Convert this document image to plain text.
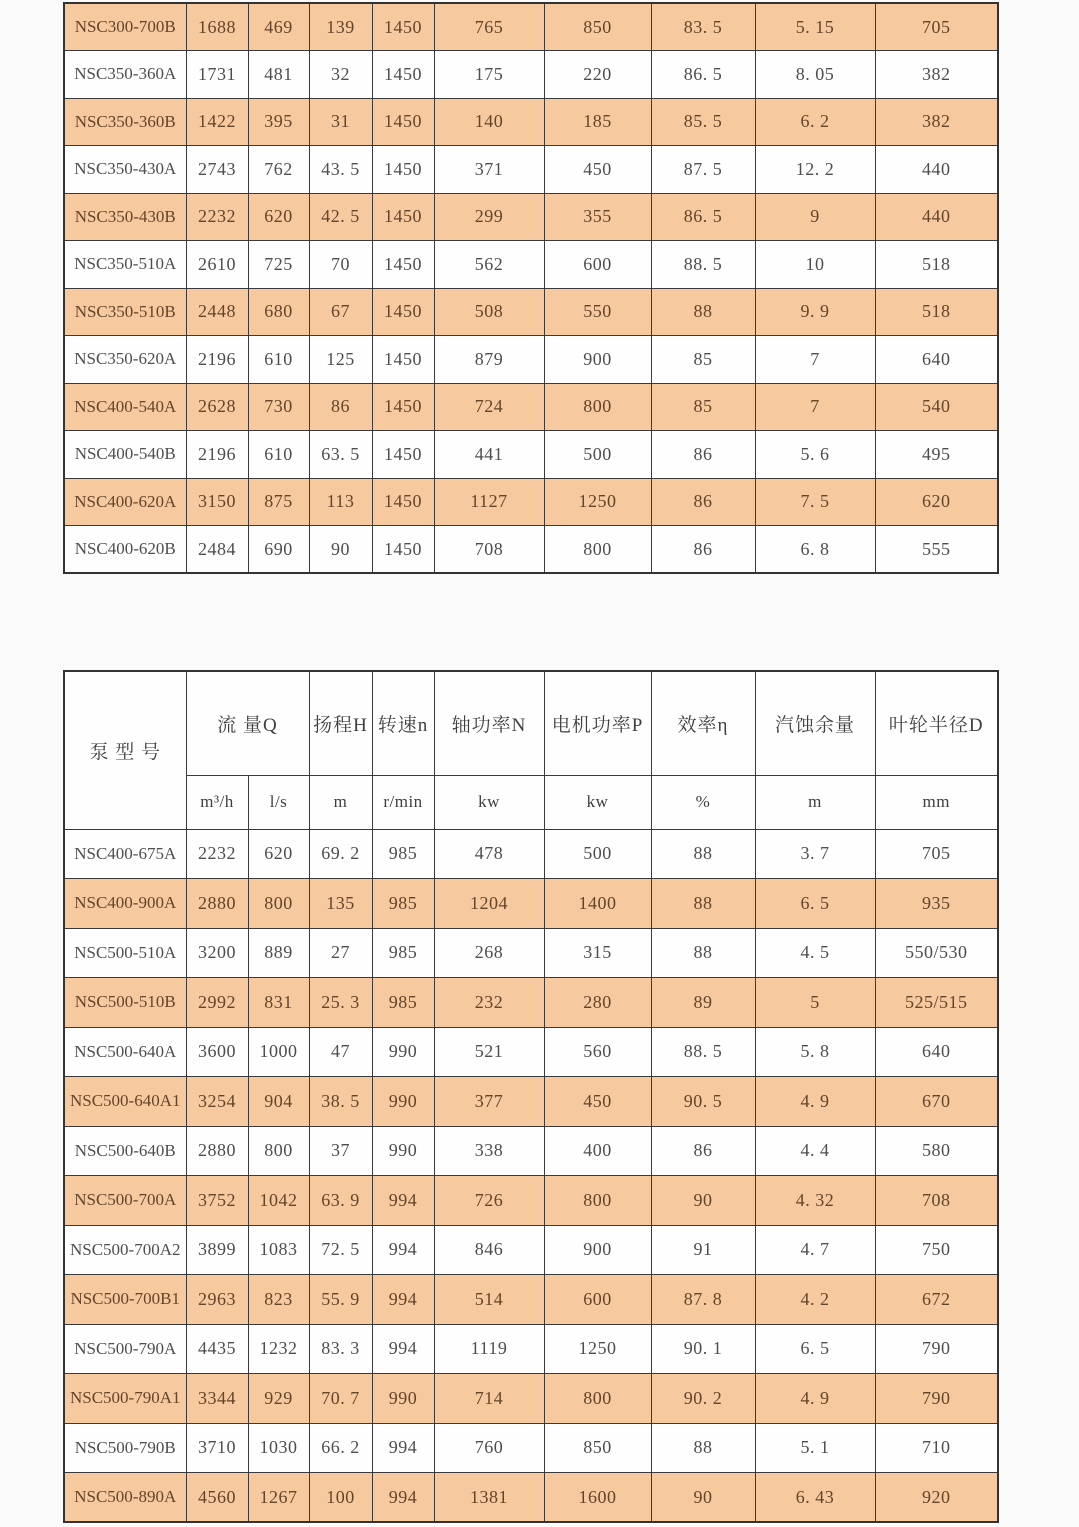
NSC300-700B	1688	469	139	1450	765	850	83. 5	5. 15	705
NSC350-360A	1731	481	32	1450	175	220	86. 5	8. 05	382
NSC350-360B	1422	395	31	1450	140	185	85. 5	6. 2	382
NSC350-430A	2743	762	43. 5	1450	371	450	87. 5	12. 2	440
NSC350-430B	2232	620	42. 5	1450	299	355	86. 5	9	440
NSC350-510A	2610	725	70	1450	562	600	88. 5	10	518
NSC350-510B	2448	680	67	1450	508	550	88	9. 9	518
NSC350-620A	2196	610	125	1450	879	900	85	7	640
NSC400-540A	2628	730	86	1450	724	800	85	7	540
NSC400-540B	2196	610	63. 5	1450	441	500	86	5. 6	495
NSC400-620A	3150	875	113	1450	1127	1250	86	7. 5	620
NSC400-620B	2484	690	90	1450	708	800	86	6. 8	555
泵 型 号	流 量Q		扬程H	转速n	轴功率N	电机功率P	效率η	汽蚀余量	叶轮半径D
	m³/h	l/s	m	r/min	kw	kw	%	m	mm
NSC400-675A	2232	620	69. 2	985	478	500	88	3. 7	705
NSC400-900A	2880	800	135	985	1204	1400	88	6. 5	935
NSC500-510A	3200	889	27	985	268	315	88	4. 5	550/530
NSC500-510B	2992	831	25. 3	985	232	280	89	5	525/515
NSC500-640A	3600	1000	47	990	521	560	88. 5	5. 8	640
NSC500-640A1	3254	904	38. 5	990	377	450	90. 5	4. 9	670
NSC500-640B	2880	800	37	990	338	400	86	4. 4	580
NSC500-700A	3752	1042	63. 9	994	726	800	90	4. 32	708
NSC500-700A2	3899	1083	72. 5	994	846	900	91	4. 7	750
NSC500-700B1	2963	823	55. 9	994	514	600	87. 8	4. 2	672
NSC500-790A	4435	1232	83. 3	994	1119	1250	90. 1	6. 5	790
NSC500-790A1	3344	929	70. 7	990	714	800	90. 2	4. 9	790
NSC500-790B	3710	1030	66. 2	994	760	850	88	5. 1	710
NSC500-890A	4560	1267	100	994	1381	1600	90	6. 43	920
